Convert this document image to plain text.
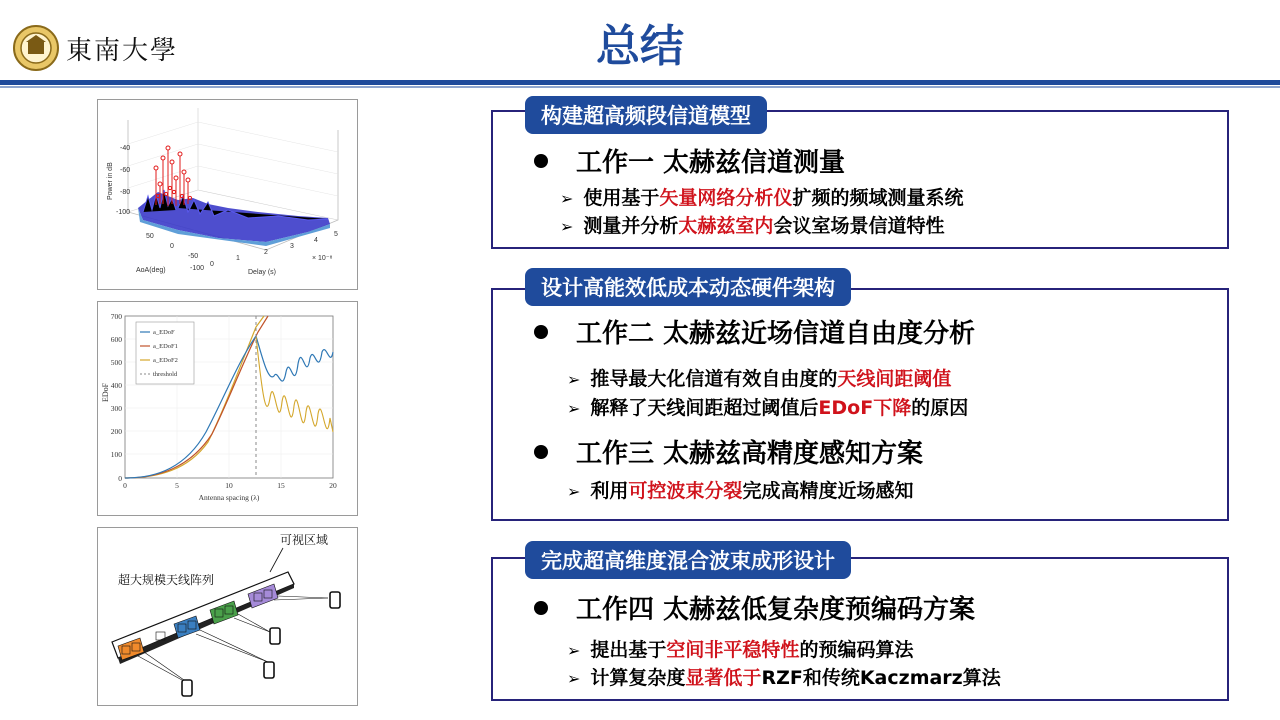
東南大學	总结
-40
-60
-80
-100
50
0
-50
-100
0
1
2
3
4
5
× 10⁻⁸
AoA(deg)	Delay (s)
Power in dB
a_EDoF
a_EDoF1
a_EDoF2
threshold
700
600
500
400
300
200
100
0
0	5	10	15	20
Antenna spacing (λ)
EDoF
可视区域
超大规模天线阵列
构建超高频段信道模型
工作一 太赫兹信道测量
➢ 使用基于矢量网络分析仪扩频的频域测量系统
➢ 测量并分析太赫兹室内会议室场景信道特性
设计高能效低成本动态硬件架构
工作二 太赫兹近场信道自由度分析
➢ 推导最大化信道有效自由度的天线间距阈值
➢ 解释了天线间距超过阈值后EDoF下降的原因
工作三 太赫兹高精度感知方案
➢ 利用可控波束分裂完成高精度近场感知
完成超高维度混合波束成形设计
工作四 太赫兹低复杂度预编码方案
➢ 提出基于空间非平稳特性的预编码算法
➢ 计算复杂度显著低于RZF和传统Kaczmarz算法
